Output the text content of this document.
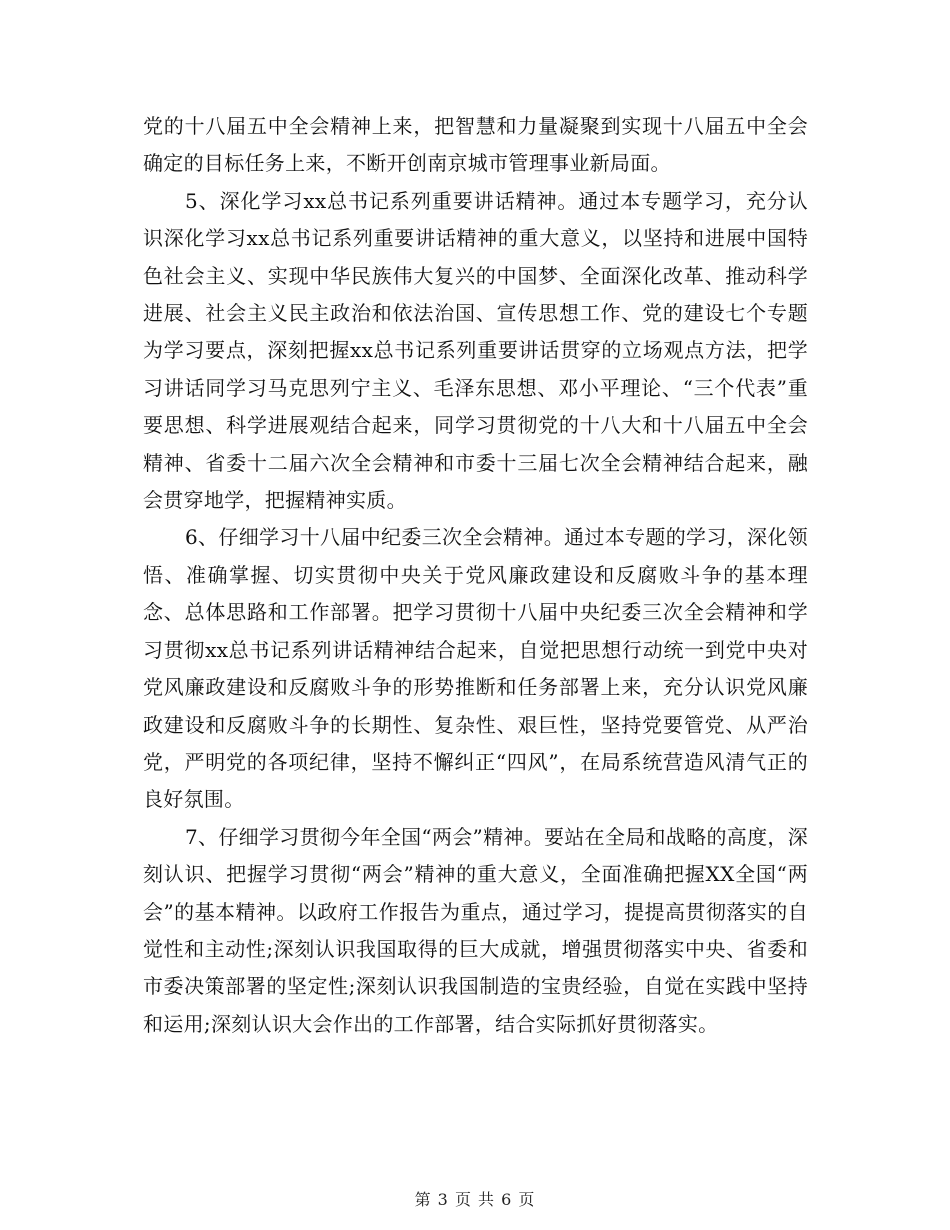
党的十八届五中全会精神上来，把智慧和力量凝聚到实现十八届五中全会确定的目标任务上来，不断开创南京城市管理事业新局面。

5、深化学习xx总书记系列重要讲话精神。通过本专题学习，充分认识深化学习xx总书记系列重要讲话精神的重大意义，以坚持和进展中国特色社会主义、实现中华民族伟大复兴的中国梦、全面深化改革、推动科学进展、社会主义民主政治和依法治国、宣传思想工作、党的建设七个专题为学习要点，深刻把握xx总书记系列重要讲话贯穿的立场观点方法，把学习讲话同学习马克思列宁主义、毛泽东思想、邓小平理论、“三个代表”重要思想、科学进展观结合起来，同学习贯彻党的十八大和十八届五中全会精神、省委十二届六次全会精神和市委十三届七次全会精神结合起来，融会贯穿地学，把握精神实质。

6、仔细学习十八届中纪委三次全会精神。通过本专题的学习，深化领悟、准确掌握、切实贯彻中央关于党风廉政建设和反腐败斗争的基本理念、总体思路和工作部署。把学习贯彻十八届中央纪委三次全会精神和学习贯彻xx总书记系列讲话精神结合起来，自觉把思想行动统一到党中央对党风廉政建设和反腐败斗争的形势推断和任务部署上来，充分认识党风廉政建设和反腐败斗争的长期性、复杂性、艰巨性，坚持党要管党、从严治党，严明党的各项纪律，坚持不懈纠正“四风”，在局系统营造风清气正的良好氛围。

7、仔细学习贯彻今年全国“两会”精神。要站在全局和战略的高度，深刻认识、把握学习贯彻“两会”精神的重大意义，全面准确把握XX全国“两会”的基本精神。以政府工作报告为重点，通过学习，提提高贯彻落实的自觉性和主动性;深刻认识我国取得的巨大成就，增强贯彻落实中央、省委和市委决策部署的坚定性;深刻认识我国制造的宝贵经验，自觉在实践中坚持和运用;深刻认识大会作出的工作部署，结合实际抓好贯彻落实。

第 3 页 共 6 页
